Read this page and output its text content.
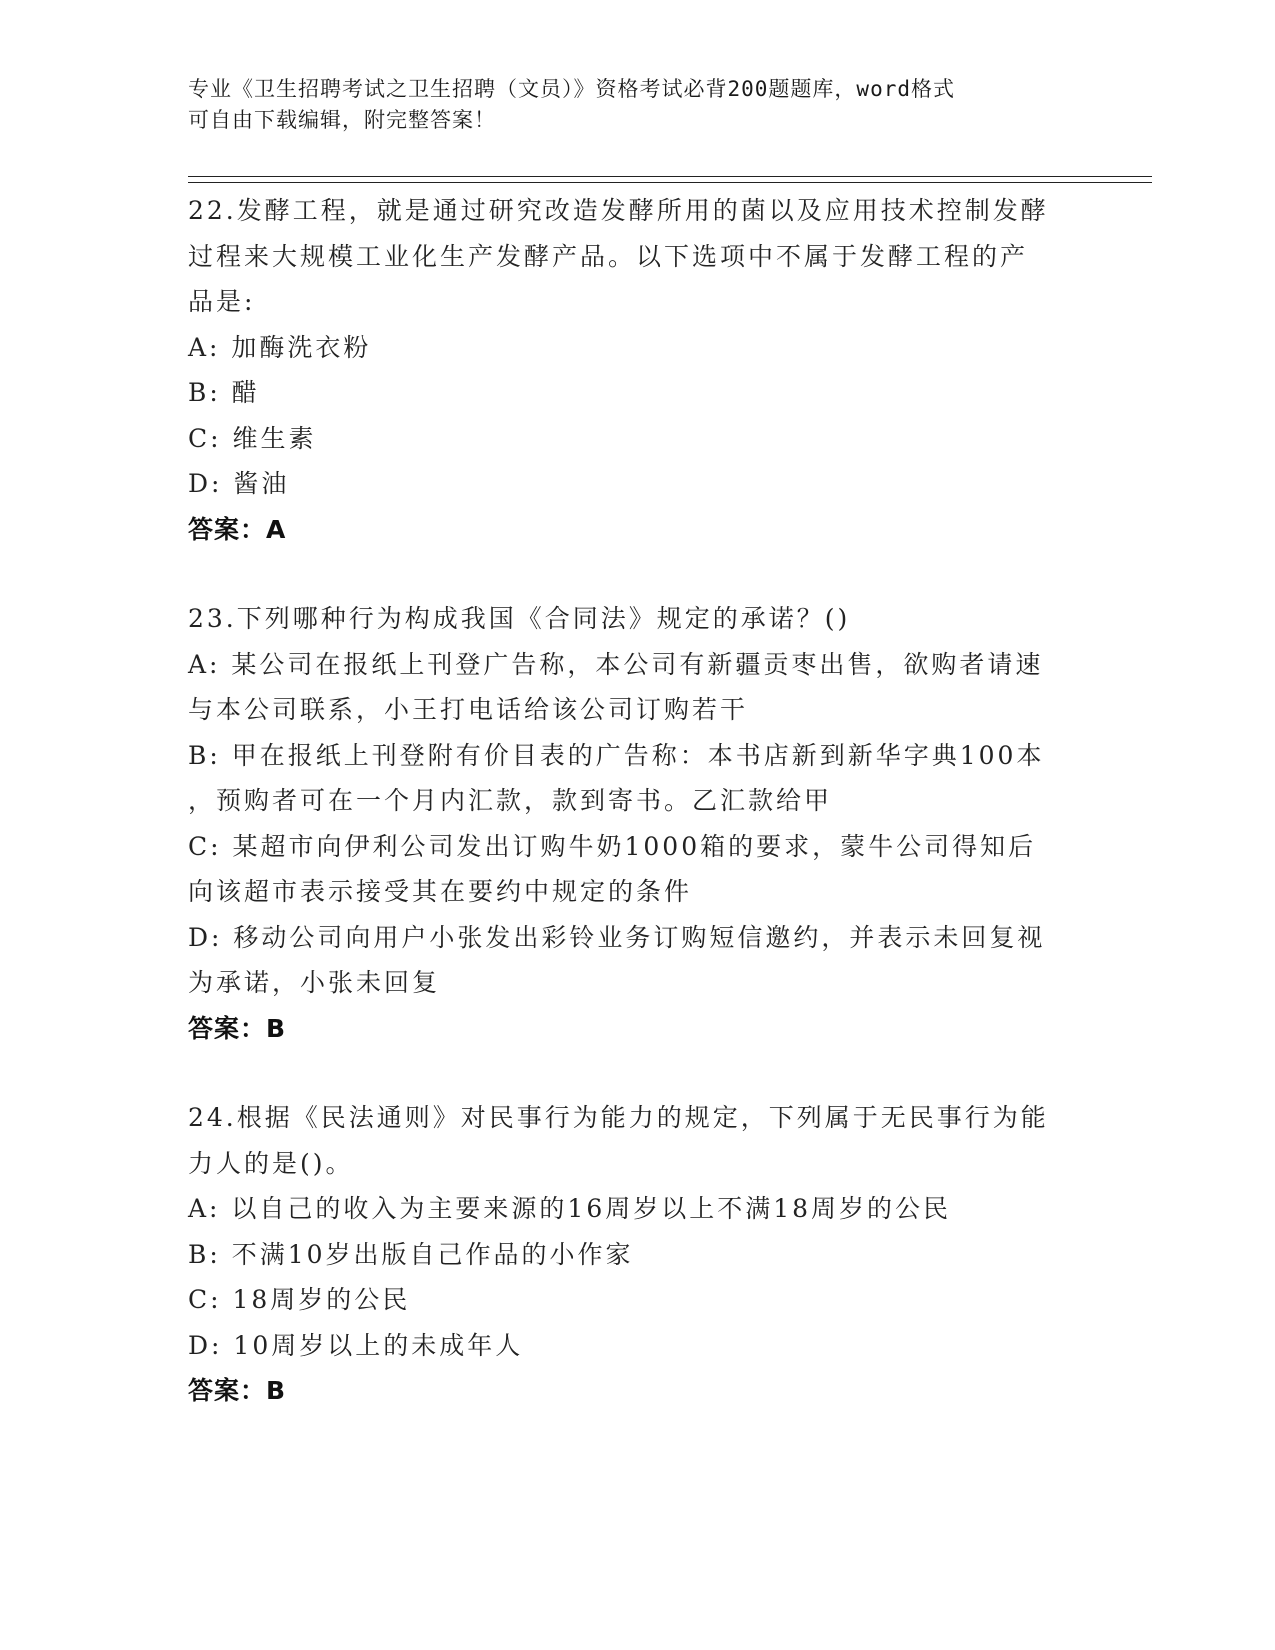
专业《卫生招聘考试之卫生招聘（文员）》资格考试必背200题题库，word格式
可自由下载编辑，附完整答案！
22.发酵工程，就是通过研究改造发酵所用的菌以及应用技术控制发酵
过程来大规模工业化生产发酵产品。以下选项中不属于发酵工程的产
品是:
A: 加酶洗衣粉
B: 醋
C: 维生素
D: 酱油
答案：A
23.下列哪种行为构成我国《合同法》规定的承诺？()
A: 某公司在报纸上刊登广告称，本公司有新疆贡枣出售，欲购者请速
与本公司联系，小王打电话给该公司订购若干
B: 甲在报纸上刊登附有价目表的广告称：本书店新到新华字典100本
，预购者可在一个月内汇款，款到寄书。乙汇款给甲
C: 某超市向伊利公司发出订购牛奶1000箱的要求，蒙牛公司得知后
向该超市表示接受其在要约中规定的条件
D: 移动公司向用户小张发出彩铃业务订购短信邀约，并表示未回复视
为承诺，小张未回复
答案：B
24.根据《民法通则》对民事行为能力的规定，下列属于无民事行为能
力人的是()。
A: 以自己的收入为主要来源的16周岁以上不满18周岁的公民
B: 不满10岁出版自己作品的小作家
C: 18周岁的公民
D: 10周岁以上的未成年人
答案：B
